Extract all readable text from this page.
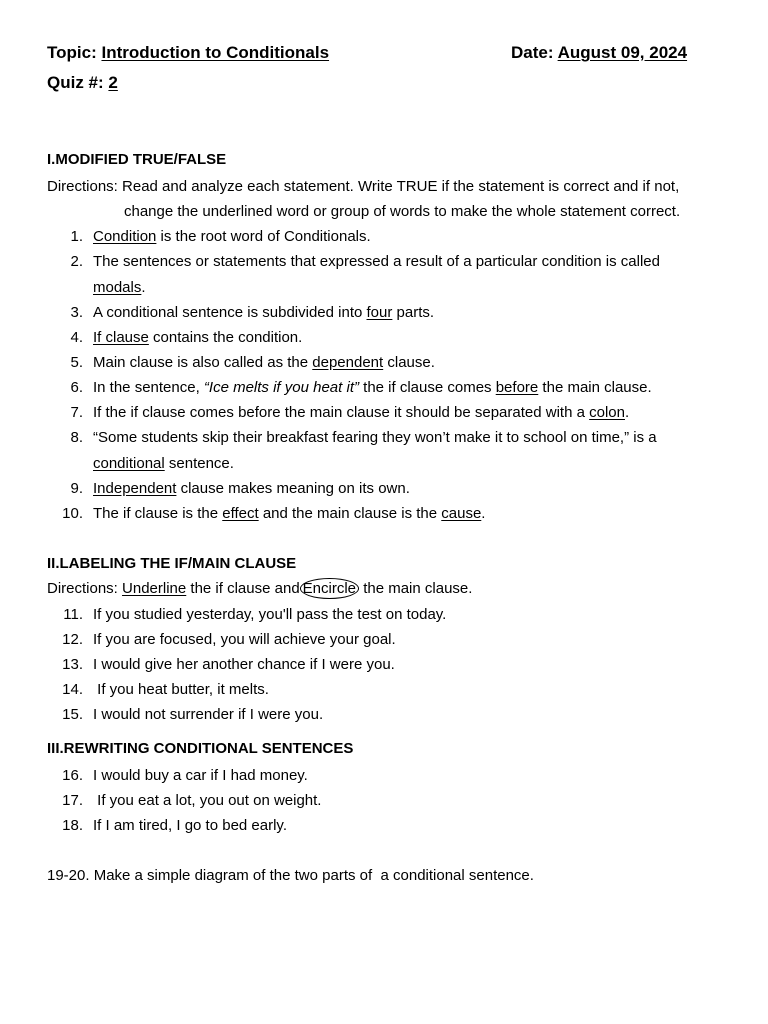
Topic: Introduction to Conditionals	Date: August 09, 2024
Quiz #: 2
I.MODIFIED TRUE/FALSE
Directions: Read and analyze each statement. Write TRUE if the statement is correct and if not,
change the underlined word or group of words to make the whole statement correct.
1. Condition is the root word of Conditionals.
2. The sentences or statements that expressed a result of a particular condition is called
modals.
3. A conditional sentence is subdivided into four parts.
4. If clause contains the condition.
5. Main clause is also called as the dependent clause.
6. In the sentence, “Ice melts if you heat it” the if clause comes before the main clause.
7. If the if clause comes before the main clause it should be separated with a colon.
8. “Some students skip their breakfast fearing they won’t make it to school on time,” is a
conditional sentence.
9. Independent clause makes meaning on its own.
10. The if clause is the effect and the main clause is the cause.
II.LABELING THE IF/MAIN CLAUSE
Directions: Underline the if clause and Encircle the main clause.
11. If you studied yesterday, you'll pass the test on today.
12. If you are focused, you will achieve your goal.
13. I would give her another chance if I were you.
14. If you heat butter, it melts.
15. I would not surrender if I were you.
III.REWRITING CONDITIONAL SENTENCES
16. I would buy a car if I had money.
17. If you eat a lot, you out on weight.
18. If I am tired, I go to bed early.
19-20. Make a simple diagram of the two parts of  a conditional sentence.
